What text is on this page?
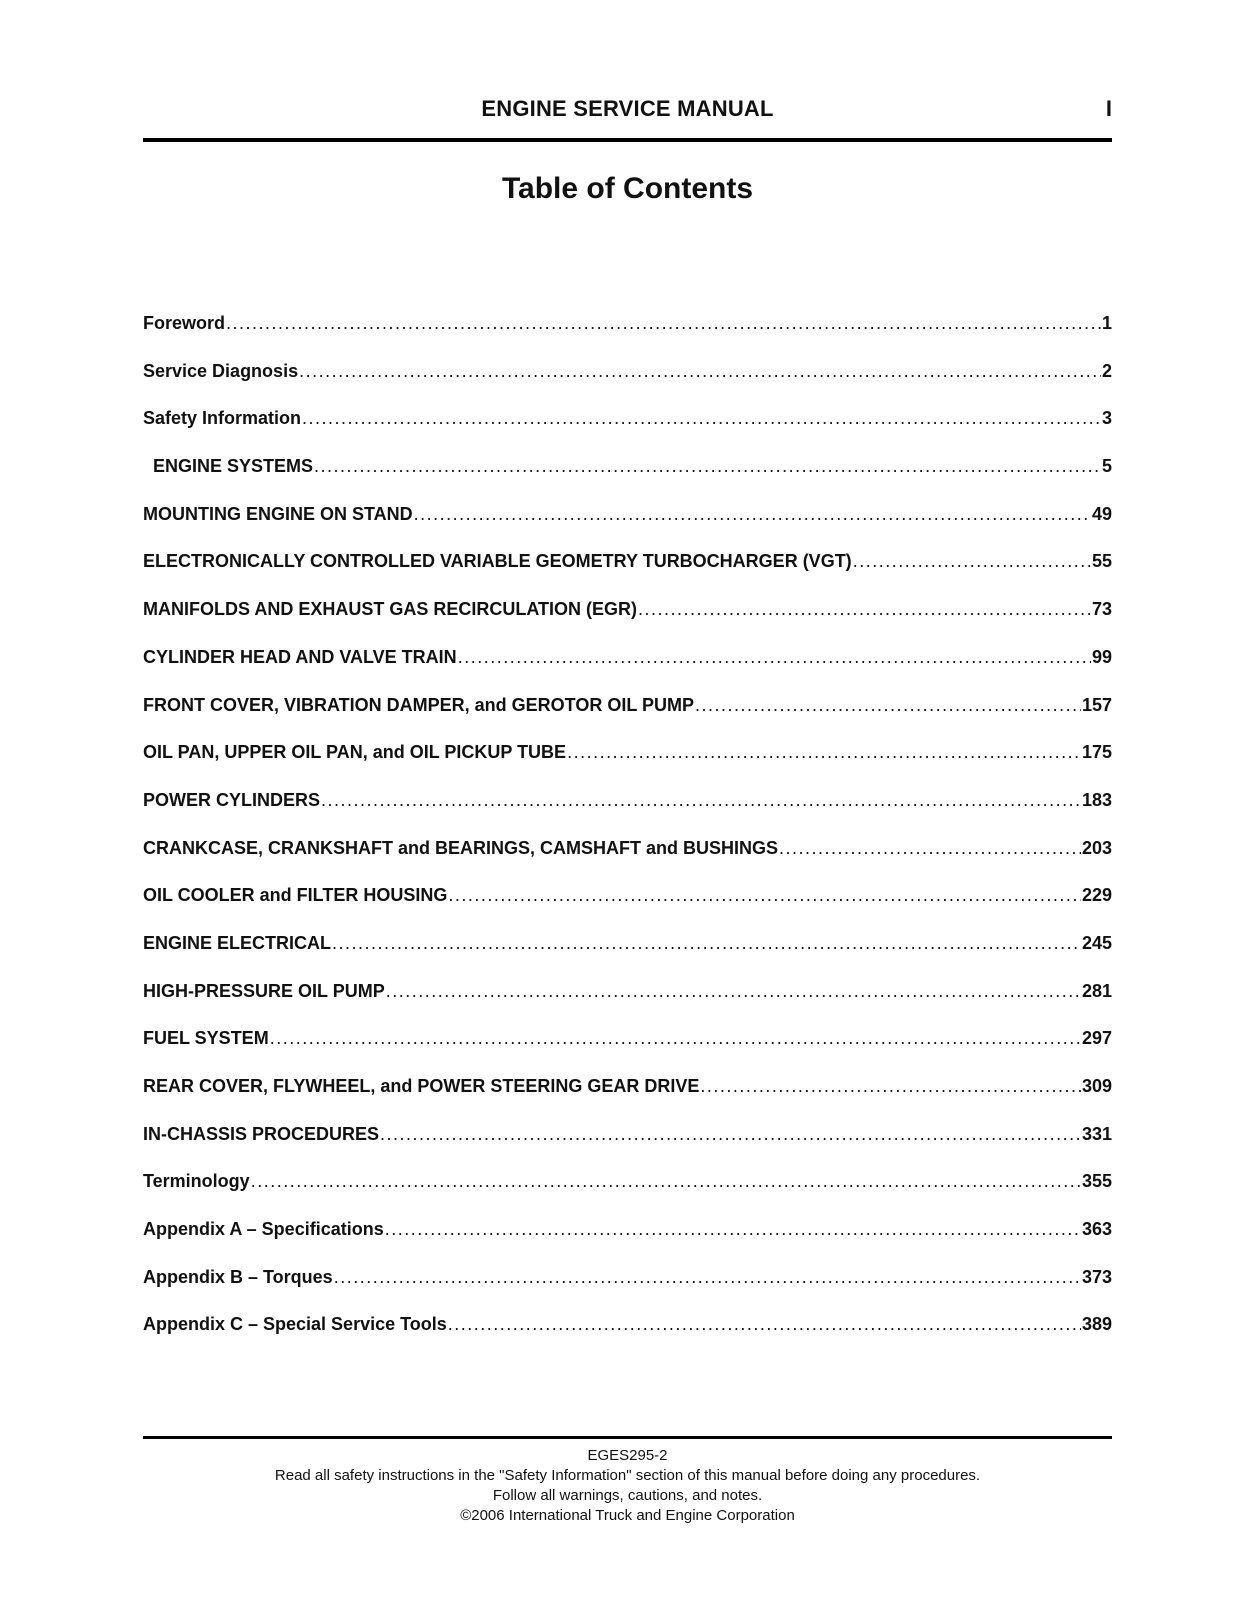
ENGINE SERVICE MANUAL	I
Table of Contents
Foreword .....	1
Service Diagnosis .....	2
Safety Information .....	3
ENGINE SYSTEMS .....	5
MOUNTING ENGINE ON STAND .....	49
ELECTRONICALLY CONTROLLED VARIABLE GEOMETRY TURBOCHARGER (VGT) .....	55
MANIFOLDS AND EXHAUST GAS RECIRCULATION (EGR) .....	73
CYLINDER HEAD AND VALVE TRAIN .....	99
FRONT COVER, VIBRATION DAMPER, and GEROTOR OIL PUMP .....	157
OIL PAN, UPPER OIL PAN, and OIL PICKUP TUBE .....	175
POWER CYLINDERS .....	183
CRANKCASE, CRANKSHAFT and BEARINGS, CAMSHAFT and BUSHINGS .....	203
OIL COOLER and FILTER HOUSING .....	229
ENGINE ELECTRICAL .....	245
HIGH-PRESSURE OIL PUMP .....	281
FUEL SYSTEM .....	297
REAR COVER, FLYWHEEL, and POWER STEERING GEAR DRIVE .....	309
IN-CHASSIS PROCEDURES .....	331
Terminology .....	355
Appendix A – Specifications .....	363
Appendix B – Torques .....	373
Appendix C – Special Service Tools .....	389
EGES295-2
Read all safety instructions in the "Safety Information" section of this manual before doing any procedures.
Follow all warnings, cautions, and notes.
©2006 International Truck and Engine Corporation
